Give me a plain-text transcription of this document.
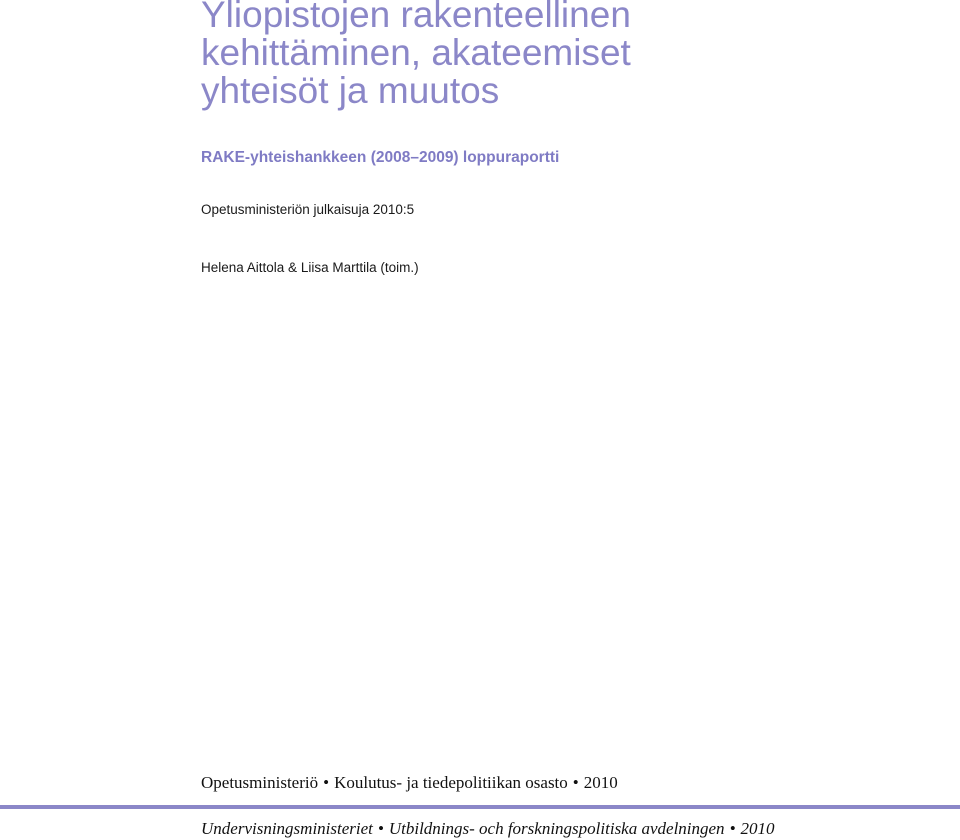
Yliopistojen rakenteellinen
kehittäminen, akateemiset
yhteisöt ja muutos

RAKE-yhteishankkeen (2008–2009) loppuraportti

Opetusministeriön julkaisuja 2010:5

Helena Aittola & Liisa Marttila (toim.)

Opetusministeriö • Koulutus- ja tiedepolitiikan osasto • 2010

Undervisningsministeriet • Utbildnings- och forskningspolitiska avdelningen • 2010
